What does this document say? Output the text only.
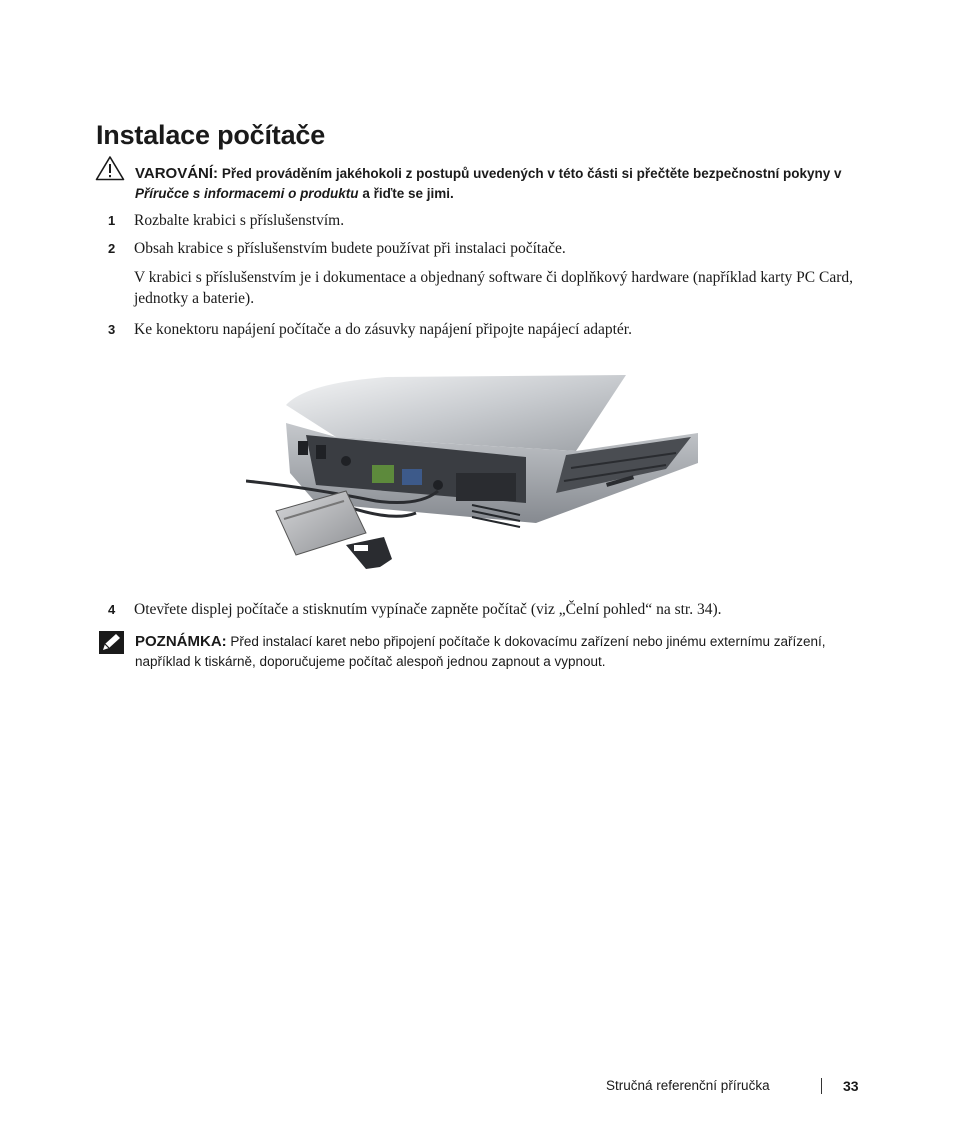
Instalace počítače

VAROVÁNÍ: Před prováděním jakéhokoli z postupů uvedených v této části si přečtěte bezpečnostní pokyny v Příručce s informacemi o produktu a řiďte se jimi.

1 Rozbalte krabici s příslušenstvím.

2 Obsah krabice s příslušenstvím budete používat při instalaci počítače.

V krabici s příslušenstvím je i dokumentace a objednaný software či doplňkový hardware (například karty PC Card, jednotky a baterie).

3 Ke konektoru napájení počítače a do zásuvky napájení připojte napájecí adaptér.

4 Otevřete displej počítače a stisknutím vypínače zapněte počítač (viz „Čelní pohled“ na str. 34).

POZNÁMKA: Před instalací karet nebo připojení počítače k dokovacímu zařízení nebo jinému externímu zařízení, například k tiskárně, doporučujeme počítač alespoň jednou zapnout a vypnout.

Stručná referenční příručka	33
